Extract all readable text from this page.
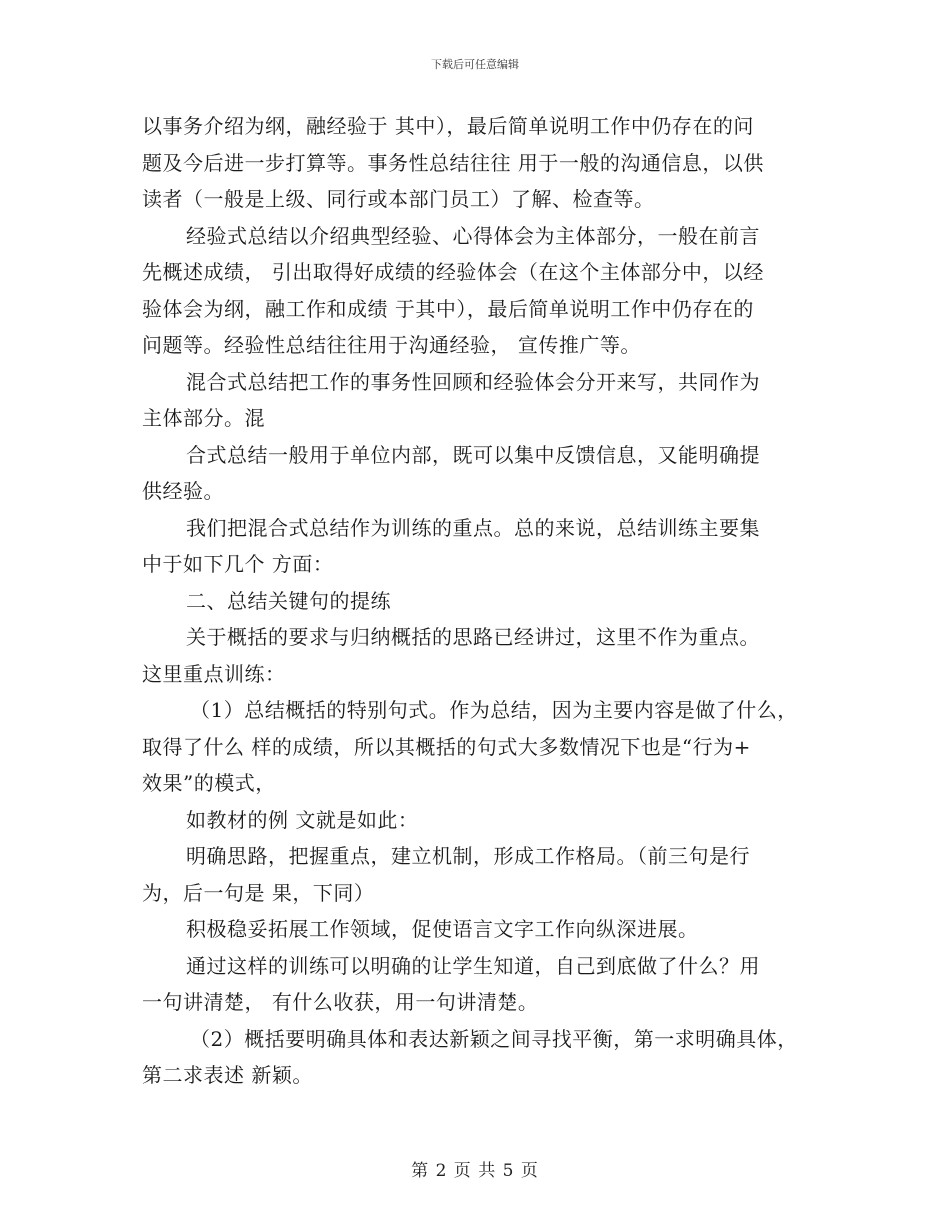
下载后可任意编辑
以事务介绍为纲，融经验于 其中），最后简单说明工作中仍存在的问
题及今后进一步打算等。事务性总结往往 用于一般的沟通信息，以供
读者（一般是上级、同行或本部门员工）了解、检查等。
经验式总结以介绍典型经验、心得体会为主体部分，一般在前言
先概述成绩， 引出取得好成绩的经验体会（在这个主体部分中，以经
验体会为纲，融工作和成绩 于其中），最后简单说明工作中仍存在的
问题等。经验性总结往往用于沟通经验， 宣传推广等。
混合式总结把工作的事务性回顾和经验体会分开来写，共同作为
主体部分。混
合式总结一般用于单位内部，既可以集中反馈信息，又能明确提
供经验。
我们把混合式总结作为训练的重点。总的来说，总结训练主要集
中于如下几个 方面：
二、总结关键句的提练
关于概括的要求与归纳概括的思路已经讲过，这里不作为重点。
这里重点训练：
（1）总结概括的特别句式。作为总结，因为主要内容是做了什么，
取得了什么 样的成绩，所以其概括的句式大多数情况下也是“行为+
效果”的模式，
如教材的例 文就是如此：
明确思路，把握重点，建立机制，形成工作格局。（前三句是行
为，后一句是 果，下同）
积极稳妥拓展工作领域，促使语言文字工作向纵深进展。
通过这样的训练可以明确的让学生知道，自己到底做了什么？用
一句讲清楚， 有什么收获，用一句讲清楚。
（2）概括要明确具体和表达新颖之间寻找平衡，第一求明确具体，
第二求表述 新颖。
第 2 页 共 5 页
